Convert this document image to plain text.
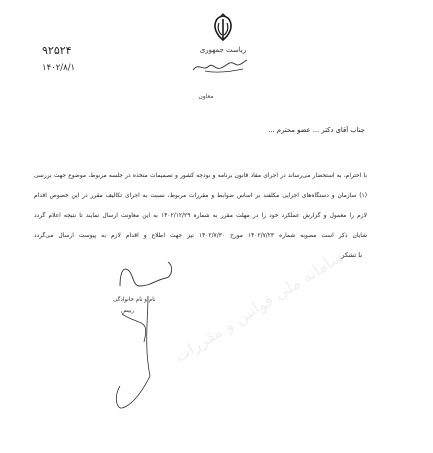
۹۲۵۲۴
۱۴۰۲/۸/۱
ریاست جمهوری
معاون
جناب آقای دکتر ... عضو محترم ...
با احترام، به استحضار می‌رساند در اجرای مفاد قانون برنامه و بودجه کشور و تصمیمات متخذه در جلسه مربوط، موضوع جهت بررسی
(۱) سازمان و دستگاه‌های اجرایی مکلفند بر اساس ضوابط و مقررات مربوط، نسبت به اجرای تکالیف مقرر در این خصوص اقدام
لازم را معمول و گزارش عملکرد خود را در مهلت مقرر به شماره ۱۴۰۲/۱۲/۲۹ به این معاونت ارسال نمایند تا نتیجه اعلام گردد
شایان ذکر است مصوبه شماره ۱۴۰۲/۷/۲۳ مورخ ۱۴۰۲/۷/۳۰ نیز جهت اطلاع و اقدام لازم به پیوست ارسال می‌گردد
با تشکر
نام و نام خانوادگی
رییس	سامانه ملی قوانین و مقررات
